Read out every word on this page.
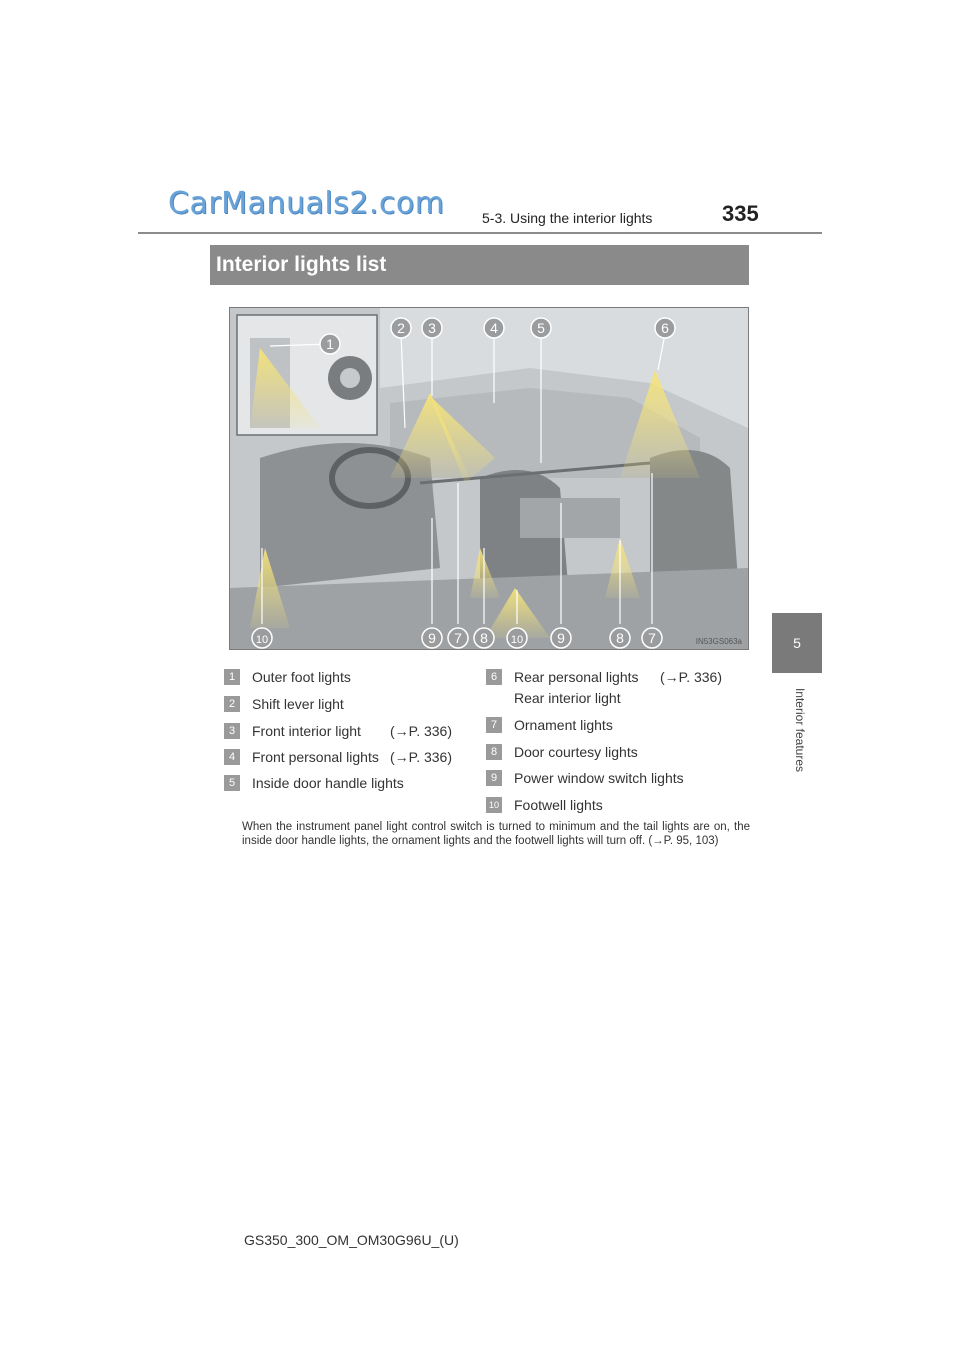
CarManuals2.com	5-3. Using the interior lights	335
5
Interior features
Interior lights list
1
2 3	4	5	6
10	9 7 8 10 9	8 7	IN53GS063a
1	Outer foot lights
2	Shift lever light
3	Front interior light (→P. 336)
4	Front personal lights (→P. 336)
5	Inside door handle lights
6	Rear personal lights (→P. 336)
Rear interior light
7	Ornament lights
8	Door courtesy lights
9	Power window switch lights
10 Footwell lights
When the instrument panel light control switch is turned to minimum and the tail lights are on, the inside door handle lights, the ornament lights and the footwell lights will turn off. (→P. 95, 103)
GS350_300_OM_OM30G96U_(U)
